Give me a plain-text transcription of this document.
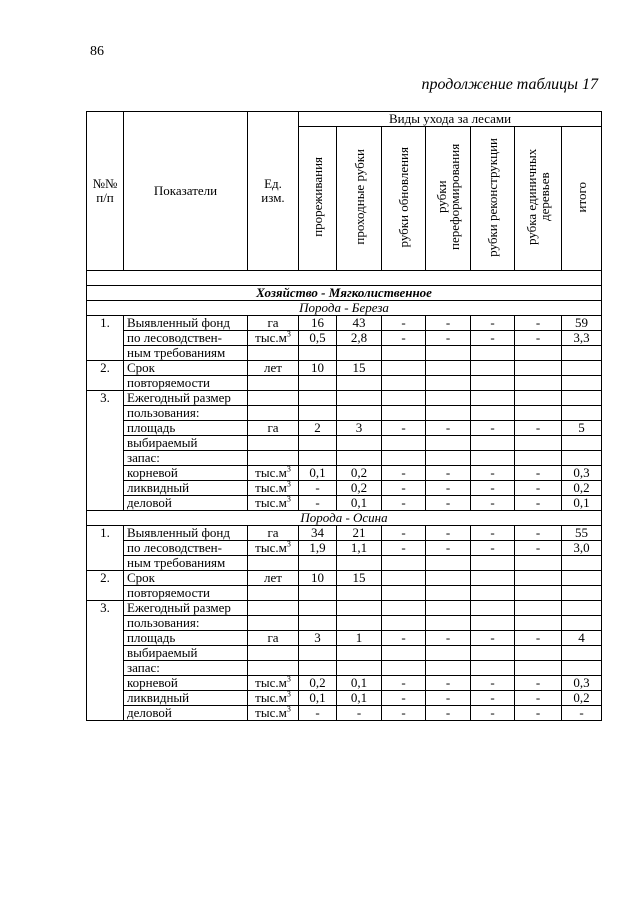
86
продолжение таблицы 17
№№ п/п	Показатели	Ед. изм.	Виды ухода за лесами						
			прореживания	проходные рубки	рубки обновления	рубки переформирования	рубки реконструкции	рубка единичных деревьев	итого

Хозяйство - Мягколиственное									
Порода - Береза									
1.	Выявленный фонд	га	16	43	-	-	-	-	59
	по лесоводствен-	$тыс.м^3$	0,5	2,8	-	-	-	-	3,3
	ным требованиям								
2.	Срок	лет	10	15					
	повторяемости								
3.	Ежегодный размер								
	пользования:								
	площадь	га	2	3	-	-	-	-	5
	выбираемый								
	запас:								
	корневой	$тыс.м^3$	0,1	0,2	-	-	-	-	0,3
	ликвидный	$тыс.м^3$	-	0,2	-	-	-	-	0,2
	деловой	$тыс.м^3$	-	0,1	-	-	-	-	0,1
Порода - Осина									
1.	Выявленный фонд	га	34	21	-	-	-	-	55
	по лесоводствен-	$тыс.м^3$	1,9	1,1	-	-	-	-	3,0
	ным требованиям								
2.	Срок	лет	10	15					
	повторяемости								
3.	Ежегодный размер								
	пользования:								
	площадь	га	3	1	-	-	-	-	4
	выбираемый								
	запас:								
	корневой	$тыс.м^3$	0,2	0,1	-	-	-	-	0,3
	ликвидный	$тыс.м^3$	0,1	0,1	-	-	-	-	0,2
	деловой	$тыс.м^3$	-	-	-	-	-	-	-
